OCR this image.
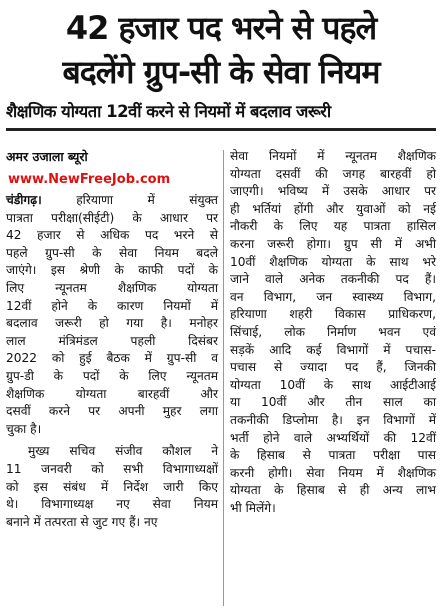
42 हजार पद भरने से पहले
बदलेंगे ग्रुप-सी के सेवा नियम
शैक्षणिक योग्यता 12वीं करने से नियमों में बदलाव जरूरी
अमर उजाला ब्यूरो
www.NewFreeJob.com
चंडीगढ़। हरियाणा में संयुक्त
पात्रता परीक्षा(सीईटी) के आधार पर
42 हजार से अधिक पद भरने से
पहले ग्रुप-सी के सेवा नियम बदले
जाएंगे। इस श्रेणी के काफी पदों के
लिए न्यूनतम शैक्षणिक योग्यता
12वीं होने के कारण नियमों में
बदलाव जरूरी हो गया है। मनोहर
लाल मंत्रिमंडल पहली दिसंबर
2022 को हुई बैठक में ग्रुप-सी व
ग्रुप-डी के पदों के लिए न्यूनतम
शैक्षणिक योग्यता बारहवीं और
दसवीं करने पर अपनी मुहर लगा
चुका है।
मुख्य सचिव संजीव कौशल ने
11 जनवरी को सभी विभागाध्यक्षों
को इस संबंध में निर्देश जारी किए
थे। विभागाध्यक्ष नए सेवा नियम
बनाने में तत्परता से जुट गए हैं। नए
सेवा नियमों में न्यूनतम शैक्षणिक
योग्यता दसवीं की जगह बारहवीं हो
जाएगी। भविष्य में उसके आधार पर
ही भर्तियां होंगी और युवाओं को नई
नौकरी के लिए यह पात्रता हासिल
करना जरूरी होगा। ग्रुप सी में अभी
10वीं शैक्षणिक योग्यता के साथ भरे
जाने वाले अनेक तकनीकी पद हैं।
वन विभाग, जन स्वास्थ्य विभाग,
हरियाणा शहरी विकास प्राधिकरण,
सिंचाई, लोक निर्माण भवन एवं
सड़कें आदि कई विभागों में पचास-
पचास से ज्यादा पद हैं, जिनकी
योग्यता 10वीं के साथ आईटीआई
या 10वीं और तीन साल का
तकनीकी डिप्लोमा है। इन विभागों में
भर्ती होने वाले अभ्यर्थियों की 12वीं
के हिसाब से पात्रता परीक्षा पास
करनी होगी। सेवा नियम में शैक्षणिक
योग्यता के हिसाब से ही अन्य लाभ
भी मिलेंगे।
